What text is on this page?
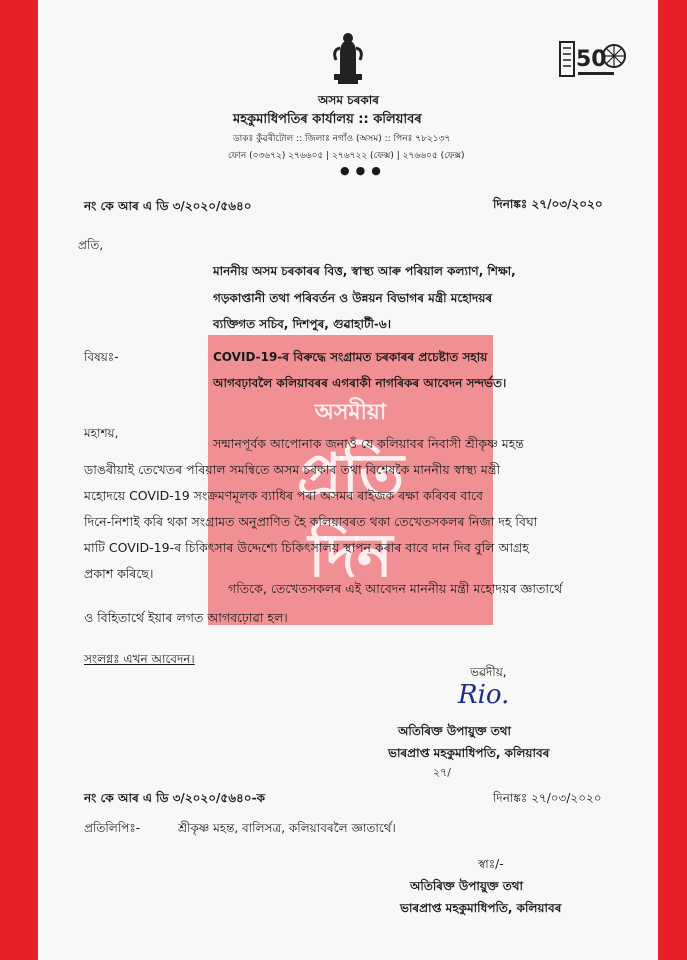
50
অসম চৰকাৰ
মহকুমাধিপতিৰ কাৰ্যালয় :: কলিয়াবৰ
ডাকঃ কুঁৱৰীটোল :: জিলাঃ নগাঁও (অসম) :: পিনঃ ৭৮২১৩৭
ফোন (০৩৬৭২) ২৭৬৬০৫ | ২৭৬৭২২ (ফেক্স) | ২৭৬৬০৫ (ফেক্স)
●●●
নং কে আৰ এ ডি ৩/২০২০/৫৬৪০	দিনাঙ্কঃ ২৭/০৩/২০২০
প্ৰতি,
মাননীয় অসম চৰকাৰৰ বিত্ত, স্বাস্থ্য আৰু পৰিয়াল কল্যাণ, শিক্ষা,
গড়কাপ্তানী তথা পৰিবৰ্তন ও উন্নয়ন বিভাগৰ মন্ত্ৰী মহোদয়ৰ
ব্যক্তিগত সচিব, দিশপুৰ, গুৱাহাটী-৬।
অসমীয়া
প্ৰতি
দিন
বিষয়ঃ-	COVID-19-ৰ বিৰুদ্ধে সংগ্ৰামত চৰকাৰৰ প্ৰচেষ্টাত সহায়
আগবঢ়াবলৈ কলিয়াবৰৰ এগৰাকী নাগৰিকৰ আবেদন সন্দৰ্ভত।
মহাশয়,
সন্মানপূৰ্বক আপোনাক জনাওঁ যে কলিয়াবৰ নিবাসী শ্ৰীকৃষ্ণ মহন্ত
ডাঙৰীয়াই তেখেতৰ পৰিয়াল সমন্বিতে অসম চৰকাৰ তথা বিশেষকৈ মাননীয় স্বাস্থ্য মন্ত্ৰী
মহোদয়ে COVID-19 সংক্ৰমণমূলক ব্যাধিৰ পৰা অসমৰ ৰাইজক ৰক্ষা কৰিবৰ বাবে
দিনে-নিশাই কৰি থকা সংগ্ৰামত অনুপ্ৰাণিত হৈ কলিয়াবৰত থকা তেখেতসকলৰ নিজা দহ বিঘা
মাটি COVID-19-ৰ চিকিৎসাৰ উদ্দেশ্যে চিকিৎসালয় স্থাপন কৰাৰ বাবে দান দিব বুলি আগ্ৰহ
প্ৰকাশ কৰিছে।
গতিকে, তেখেতসকলৰ এই আবেদন মাননীয় মন্ত্ৰী মহোদয়ৰ জ্ঞাতাৰ্থে
ও বিহিতাৰ্থে ইয়াৰ লগত আগবঢ়োৱা হল।
সংলগ্নঃ এখন আবেদন।
ভৱদীয়,
Rio.
অতিৰিক্ত উপায়ুক্ত তথা
ভাৰপ্ৰাপ্ত মহকুমাধিপতি, কলিয়াবৰ
২৭/
নং কে আৰ এ ডি ৩/২০২০/৫৬৪০-ক	দিনাঙ্কঃ ২৭/০৩/২০২০
প্ৰতিলিপিঃ-	শ্ৰীকৃষ্ণ মহন্ত, বালিসত্ৰ, কলিয়াবৰলৈ জ্ঞাতাৰ্থে।
স্বাঃ/-
অতিৰিক্ত উপায়ুক্ত তথা
ভাৰপ্ৰাপ্ত মহকুমাধিপতি, কলিয়াবৰ
